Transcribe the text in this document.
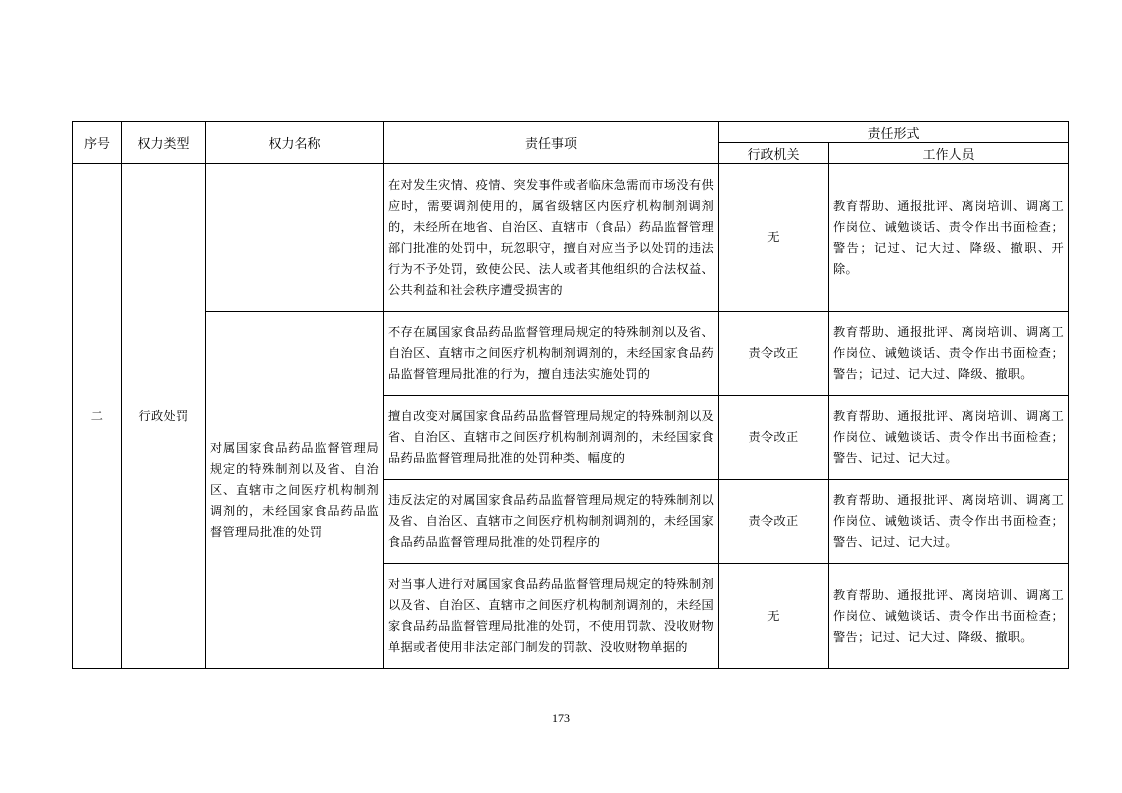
序号	权力类型	权力名称	责任事项	责任形式	
				行政机关	工作人员
二	行政处罚		在对发生灾情、疫情、突发事件或者临床急需而市场没有供应时，需要调剂使用的，属省级辖区内医疗机构制剂调剂的，未经所在地省、自治区、直辖市（食品）药品监督管理部门批准的处罚中，玩忽职守，擅自对应当予以处罚的违法行为不予处罚，致使公民、法人或者其他组织的合法权益、公共利益和社会秩序遭受损害的	无	教育帮助、通报批评、离岗培训、调离工作岗位、诫勉谈话、责令作出书面检查；警告；记过、记大过、降级、撤职、开除。
		对属国家食品药品监督管理局规定的特殊制剂以及省、自治区、直辖市之间医疗机构制剂调剂的，未经国家食品药品监督管理局批准的处罚	不存在属国家食品药品监督管理局规定的特殊制剂以及省、自治区、直辖市之间医疗机构制剂调剂的，未经国家食品药品监督管理局批准的行为，擅自违法实施处罚的	责令改正	教育帮助、通报批评、离岗培训、调离工作岗位、诫勉谈话、责令作出书面检查；警告；记过、记大过、降级、撤职。
			擅自改变对属国家食品药品监督管理局规定的特殊制剂以及省、自治区、直辖市之间医疗机构制剂调剂的，未经国家食品药品监督管理局批准的处罚种类、幅度的	责令改正	教育帮助、通报批评、离岗培训、调离工作岗位、诫勉谈话、责令作出书面检查；警告、记过、记大过。
			违反法定的对属国家食品药品监督管理局规定的特殊制剂以及省、自治区、直辖市之间医疗机构制剂调剂的，未经国家食品药品监督管理局批准的处罚程序的	责令改正	教育帮助、通报批评、离岗培训、调离工作岗位、诫勉谈话、责令作出书面检查；警告、记过、记大过。
			对当事人进行对属国家食品药品监督管理局规定的特殊制剂以及省、自治区、直辖市之间医疗机构制剂调剂的，未经国家食品药品监督管理局批准的处罚，不使用罚款、没收财物单据或者使用非法定部门制发的罚款、没收财物单据的	无	教育帮助、通报批评、离岗培训、调离工作岗位、诫勉谈话、责令作出书面检查；警告；记过、记大过、降级、撤职。
173
